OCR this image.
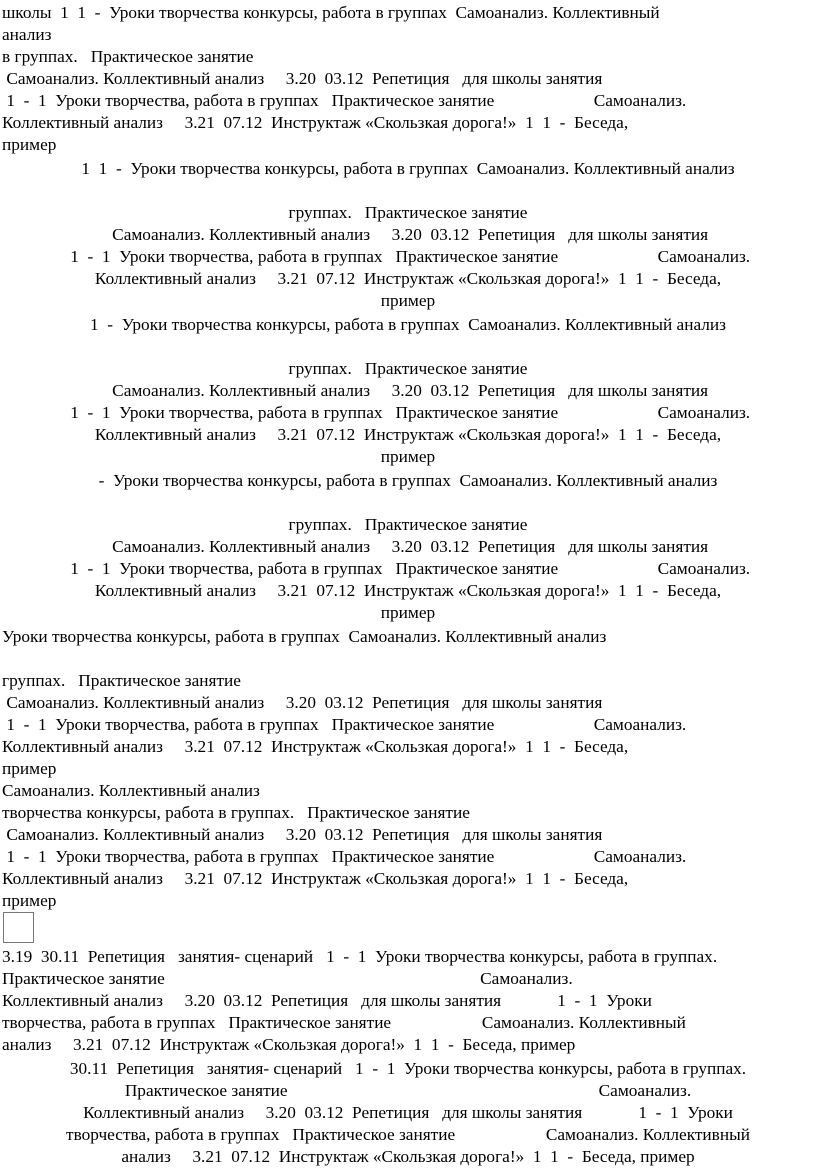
школы  1  1  -  Уроки творчества конкурсы, работа в группах  Самоанализ. Коллективный
анализ
в группах.   Практическое занятие
Самоанализ. Коллективный анализ     3.20  03.12  Репетиция   для школы занятия
1  -  1  Уроки творчества, работа в группах   Практическое занятие                       Самоанализ.
Коллективный анализ     3.21  07.12  Инструктаж «Скользкая дорога!»  1  1  -  Беседа,
пример
1  1  -  Уроки творчества конкурсы, работа в группах  Самоанализ. Коллективный анализ
группах.   Практическое занятие
Самоанализ. Коллективный анализ     3.20  03.12  Репетиция   для школы занятия
1  -  1  Уроки творчества, работа в группах   Практическое занятие                       Самоанализ.
Коллективный анализ     3.21  07.12  Инструктаж «Скользкая дорога!»  1  1  -  Беседа,
пример
1  -  Уроки творчества конкурсы, работа в группах  Самоанализ. Коллективный анализ
группах.   Практическое занятие
Самоанализ. Коллективный анализ     3.20  03.12  Репетиция   для школы занятия
1  -  1  Уроки творчества, работа в группах   Практическое занятие                       Самоанализ.
Коллективный анализ     3.21  07.12  Инструктаж «Скользкая дорога!»  1  1  -  Беседа,
пример
-  Уроки творчества конкурсы, работа в группах  Самоанализ. Коллективный анализ
группах.   Практическое занятие
Самоанализ. Коллективный анализ     3.20  03.12  Репетиция   для школы занятия
1  -  1  Уроки творчества, работа в группах   Практическое занятие                       Самоанализ.
Коллективный анализ     3.21  07.12  Инструктаж «Скользкая дорога!»  1  1  -  Беседа,
пример
Уроки творчества конкурсы, работа в группах  Самоанализ. Коллективный анализ
группах.   Практическое занятие
Самоанализ. Коллективный анализ     3.20  03.12  Репетиция   для школы занятия
1  -  1  Уроки творчества, работа в группах   Практическое занятие                       Самоанализ.
Коллективный анализ     3.21  07.12  Инструктаж «Скользкая дорога!»  1  1  -  Беседа,
пример
Самоанализ. Коллективный анализ
творчества конкурсы, работа в группах.   Практическое занятие
Самоанализ. Коллективный анализ     3.20  03.12  Репетиция   для школы занятия
1  -  1  Уроки творчества, работа в группах   Практическое занятие                       Самоанализ.
Коллективный анализ     3.21  07.12  Инструктаж «Скользкая дорога!»  1  1  -  Беседа,
пример
3.19  30.11  Репетиция   занятия- сценарий   1  -  1  Уроки творчества конкурсы, работа в группах.
Практическое занятие                                                                         Самоанализ.
Коллективный анализ     3.20  03.12  Репетиция   для школы занятия             1  -  1  Уроки
творчества, работа в группах   Практическое занятие                     Самоанализ. Коллективный
анализ     3.21  07.12  Инструктаж «Скользкая дорога!»  1  1  -  Беседа, пример
30.11  Репетиция   занятия- сценарий   1  -  1  Уроки творчества конкурсы, работа в группах.
Практическое занятие                                                                        Самоанализ.
Коллективный анализ     3.20  03.12  Репетиция   для школы занятия             1  -  1  Уроки
творчества, работа в группах   Практическое занятие                     Самоанализ. Коллективный
анализ     3.21  07.12  Инструктаж «Скользкая дорога!»  1  1  -  Беседа, пример
